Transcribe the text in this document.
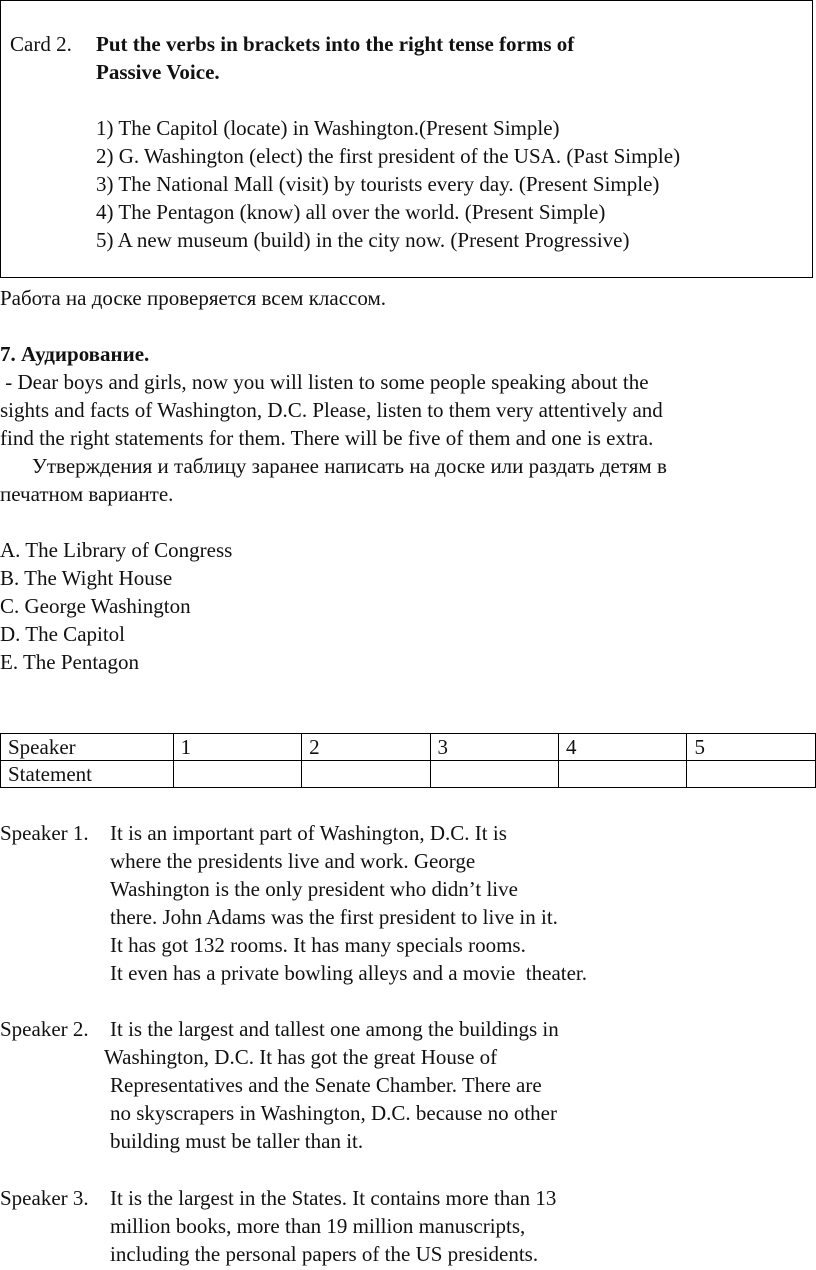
Card 2. Put the verbs in brackets into the right tense forms of
Passive Voice.
1) The Capitol (locate) in Washington.(Present Simple)
2) G. Washington (elect) the first president of the USA. (Past Simple)
3) The National Mall (visit) by tourists every day. (Present Simple)
4) The Pentagon (know) all over the world. (Present Simple)
5) A new museum (build) in the city now. (Present Progressive)
Работа на доске проверяется всем классом.
7. Аудирование.
- Dear boys and girls, now you will listen to some people speaking about the
sights and facts of Washington, D.C. Please, listen to them very attentively and
find the right statements for them. There will be five of them and one is extra.
Утверждения и таблицу заранее написать на доске или раздать детям в
печатном варианте.
A. The Library of Congress
B. The Wight House
C. George Washington
D. The Capitol
E. The Pentagon
Speaker	1	2	3	4	5
Statement					
Speaker 1. It is an important part of Washington, D.C. It is
where the presidents live and work. George
Washington is the only president who didn’t live
there. John Adams was the first president to live in it.
It has got 132 rooms. It has many specials rooms.
It even has a private bowling alleys and a movie  theater.
Speaker 2. It is the largest and tallest one among the buildings in
Washington, D.C. It has got the great House of
Representatives and the Senate Chamber. There are
no skyscrapers in Washington, D.C. because no other
building must be taller than it.
Speaker 3. It is the largest in the States. It contains more than 13
million books, more than 19 million manuscripts,
including the personal papers of the US presidents.
